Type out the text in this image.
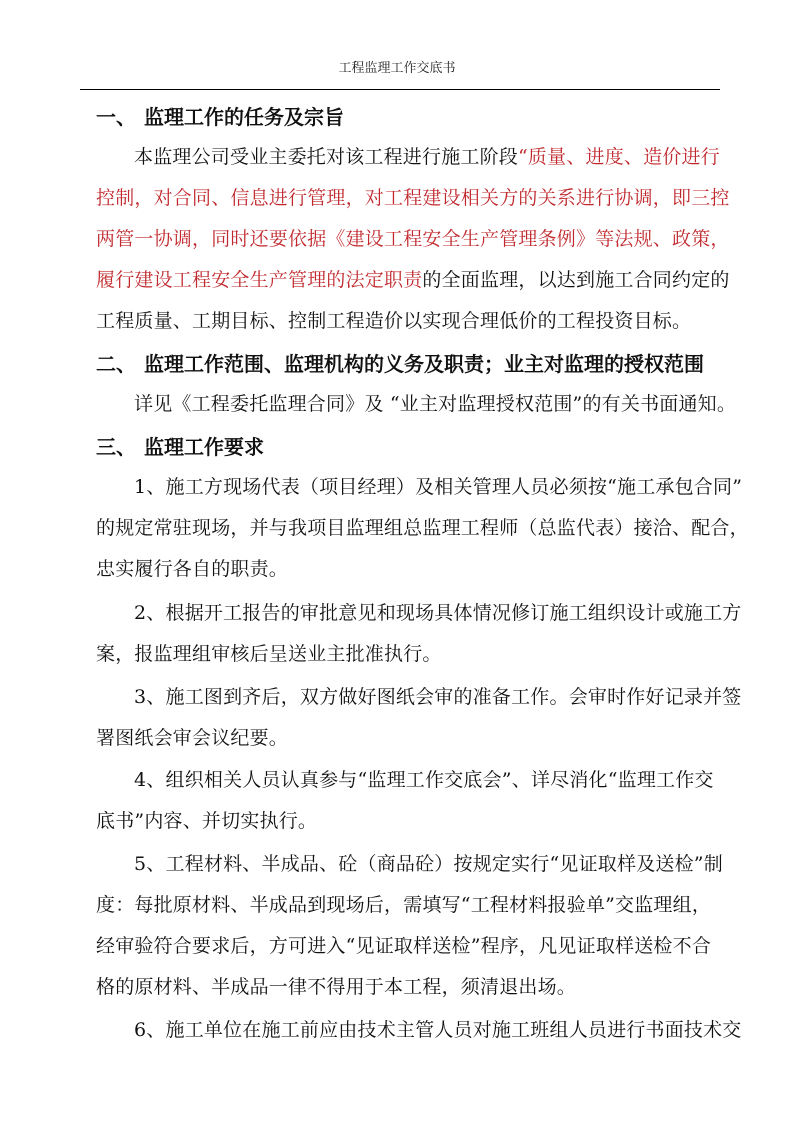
工程监理工作交底书
一、 监理工作的任务及宗旨
本监理公司受业主委托对该工程进行施工阶段“质量、进度、造价进行
控制，对合同、信息进行管理，对工程建设相关方的关系进行协调，即三控
两管一协调，同时还要依据《建设工程安全生产管理条例》等法规、政策，
履行建设工程安全生产管理的法定职责的全面监理，以达到施工合同约定的
工程质量、工期目标、控制工程造价以实现合理低价的工程投资目标。
二、 监理工作范围、监理机构的义务及职责；业主对监理的授权范围
详见《工程委托监理合同》及 “业主对监理授权范围”的有关书面通知。
三、 监理工作要求
1、施工方现场代表（项目经理）及相关管理人员必须按“施工承包合同”
的规定常驻现场，并与我项目监理组总监理工程师（总监代表）接洽、配合，
忠实履行各自的职责。
2、根据开工报告的审批意见和现场具体情况修订施工组织设计或施工方
案，报监理组审核后呈送业主批准执行。
3、施工图到齐后，双方做好图纸会审的准备工作。会审时作好记录并签
署图纸会审会议纪要。
4、组织相关人员认真参与“监理工作交底会”、详尽消化“监理工作交
底书”内容、并切实执行。
5、工程材料、半成品、砼（商品砼）按规定实行“见证取样及送检”制
度：每批原材料、半成品到现场后，需填写“工程材料报验单”交监理组，
经审验符合要求后，方可进入“见证取样送检”程序，凡见证取样送检不合
格的原材料、半成品一律不得用于本工程，须清退出场。
6、施工单位在施工前应由技术主管人员对施工班组人员进行书面技术交
